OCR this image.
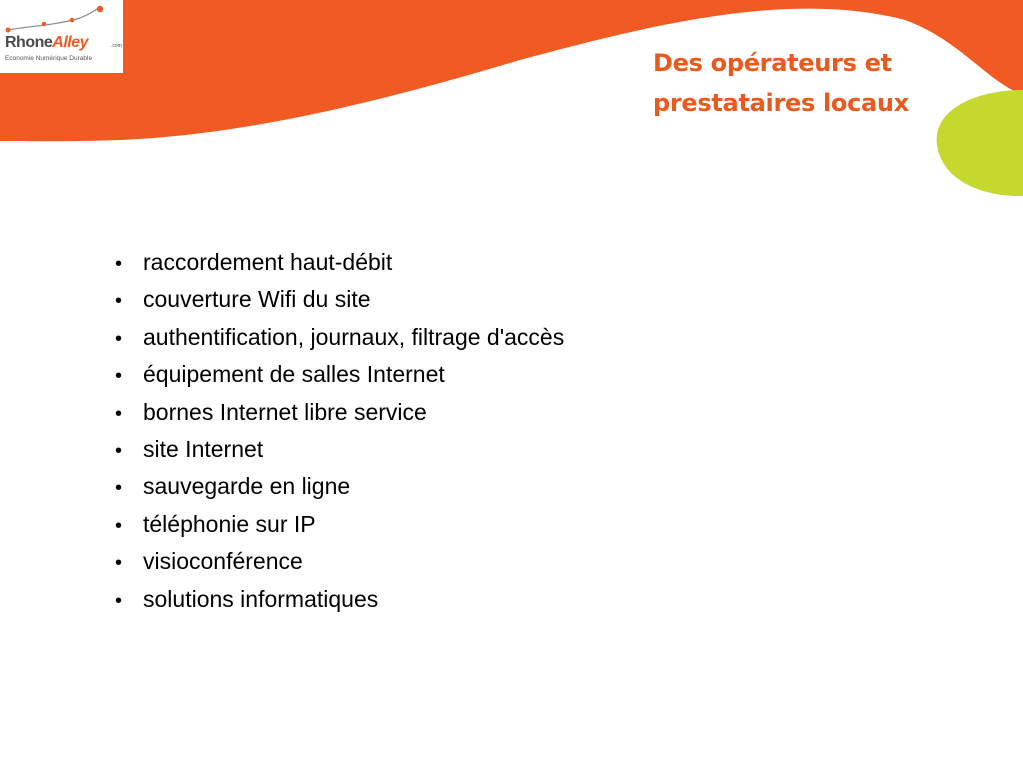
RhoneAlley	.com
Economie Numérique Durable	Des opérateurs et
prestataires locaux
• raccordement haut-débit
• couverture Wifi du site
• authentification, journaux, filtrage d'accès
• équipement de salles Internet
• bornes Internet libre service
• site Internet
• sauvegarde en ligne
• téléphonie sur IP
• visioconférence
• solutions informatiques
